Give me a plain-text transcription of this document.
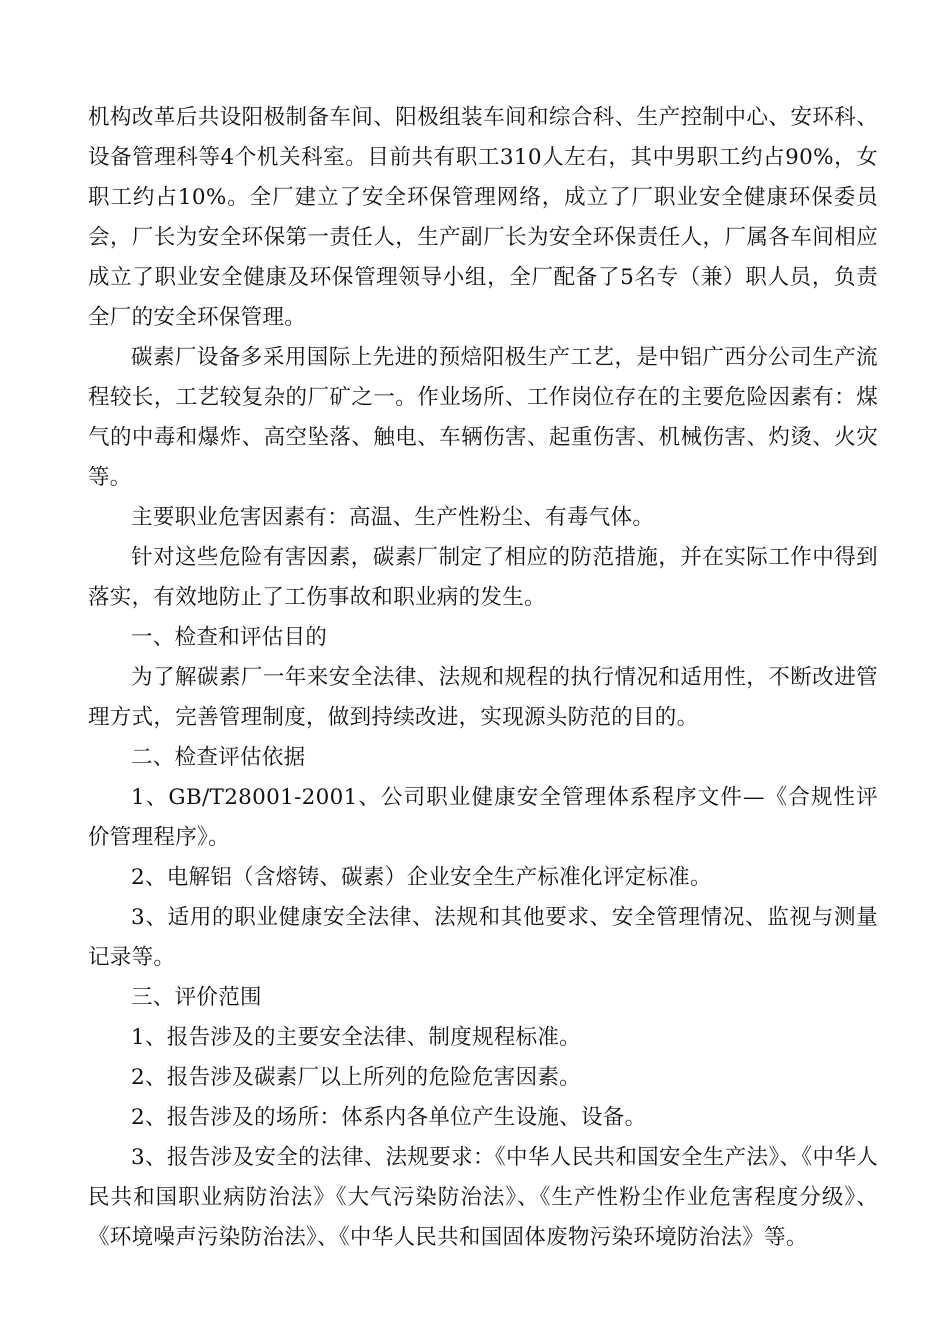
机构改革后共设阳极制备车间、阳极组装车间和综合科、生产控制中心、安环科、设备管理科等4个机关科室。目前共有职工310人左右，其中男职工约占90%，女职工约占10%。全厂建立了安全环保管理网络，成立了厂职业安全健康环保委员会，厂长为安全环保第一责任人，生产副厂长为安全环保责任人，厂属各车间相应成立了职业安全健康及环保管理领导小组，全厂配备了5名专（兼）职人员，负责全厂的安全环保管理。

碳素厂设备多采用国际上先进的预焙阳极生产工艺，是中铝广西分公司生产流程较长，工艺较复杂的厂矿之一。作业场所、工作岗位存在的主要危险因素有：煤气的中毒和爆炸、高空坠落、触电、车辆伤害、起重伤害、机械伤害、灼烫、火灾等。

主要职业危害因素有：高温、生产性粉尘、有毒气体。

针对这些危险有害因素，碳素厂制定了相应的防范措施，并在实际工作中得到落实，有效地防止了工伤事故和职业病的发生。

一、检查和评估目的

为了解碳素厂一年来安全法律、法规和规程的执行情况和适用性，不断改进管理方式，完善管理制度，做到持续改进，实现源头防范的目的。

二、检查评估依据

1、GB/T28001-2001、公司职业健康安全管理体系程序文件—《合规性评价管理程序》。

2、电解铝（含熔铸、碳素）企业安全生产标准化评定标准。

3、适用的职业健康安全法律、法规和其他要求、安全管理情况、监视与测量记录等。

三、评价范围

1、报告涉及的主要安全法律、制度规程标准。

2、报告涉及碳素厂以上所列的危险危害因素。

2、报告涉及的场所：体系内各单位产生设施、设备。

3、报告涉及安全的法律、法规要求：《中华人民共和国安全生产法》、《中华人民共和国职业病防治法》《大气污染防治法》、《生产性粉尘作业危害程度分级》、《环境噪声污染防治法》、《中华人民共和国固体废物污染环境防治法》等。
